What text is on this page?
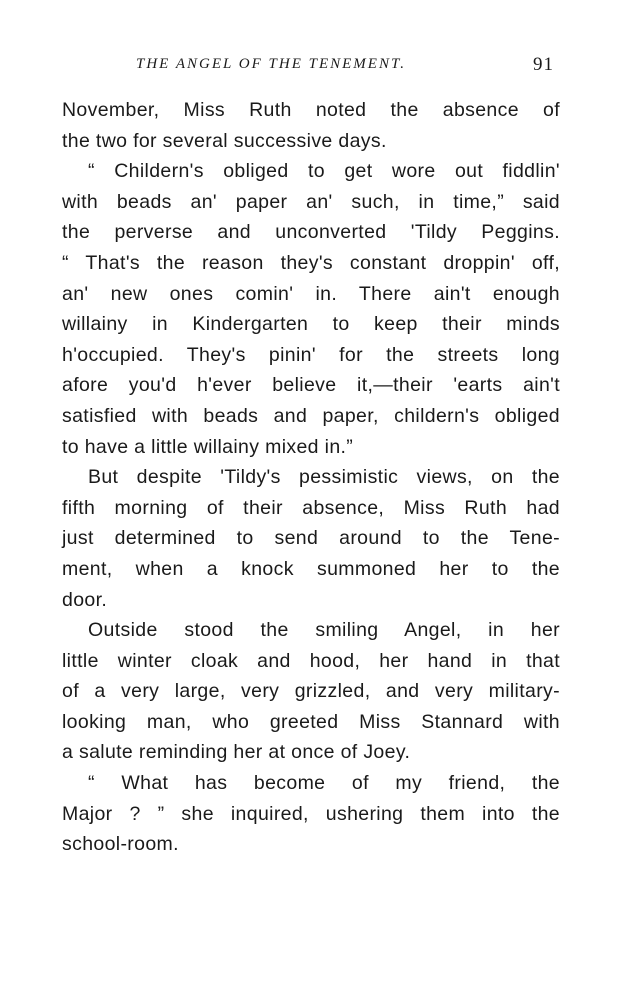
THE ANGEL OF THE TENEMENT.	91
November, Miss Ruth noted the absence of
the two for several successive days.
“ Childern's obliged to get wore out fiddlin'
with beads an' paper an' such, in time,” said
the perverse and unconverted 'Tildy Peggins.
“ That's the reason they's constant droppin' off,
an' new ones comin' in. There ain't enough
willainy in Kindergarten to keep their minds
h'occupied. They's pinin' for the streets long
afore you'd h'ever believe it,—their 'earts ain't
satisfied with beads and paper, childern's obliged
to have a little willainy mixed in.”
But despite 'Tildy's pessimistic views, on the
fifth morning of their absence, Miss Ruth had
just determined to send around to the Tene-
ment, when a knock summoned her to the
door.
Outside stood the smiling Angel, in her
little winter cloak and hood, her hand in that
of a very large, very grizzled, and very military-
looking man, who greeted Miss Stannard with
a salute reminding her at once of Joey.
“ What has become of my friend, the
Major ? ” she inquired, ushering them into the
school-room.
